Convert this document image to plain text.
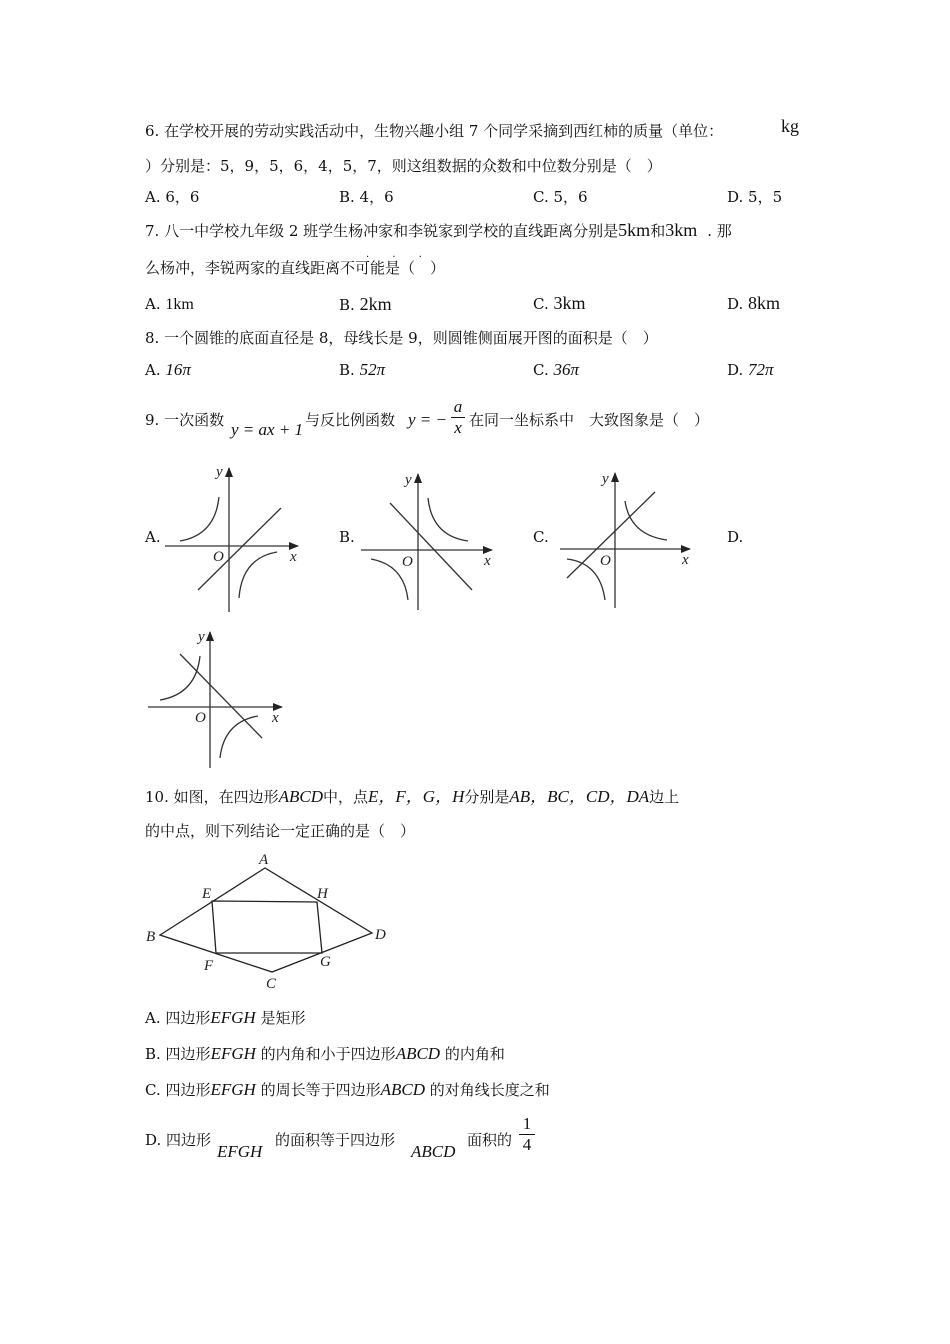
6. 在学校开展的劳动实践活动中，生物兴趣小组 7 个同学采摘到西红柿的质量（单位：	kg
）分别是：5，9，5，6，4，5，7，则这组数据的众数和中位数分别是（　）
A. 6，6	B. 4，6	C. 5，6	D. 5，5
7. 八一中学校九年级 2 班学生杨冲家和李锐家到学校的直线距离分别是5km和3km . 那
么杨冲，李锐两家的直线距离不可能是（　）
· · ·
A. 1km	B. 2km	C. 3km	D. 8km
8. 一个圆锥的底面直径是 8，母线长是 9，则圆锥侧面展开图的面积是（　）
A. 16π	B. 52π	C. 36π	D. 72π
9. 一次函数 y = ax + 1 与反比例函数 y = −
a
x 在同一坐标系中　大致图象是（　）
A.	B.	C.	D.
y
x
O
y
x
O
y
x
O
y
x
O
10. 如图，在四边形ABCD中，点E，F，G，H分别是AB，BC，CD，DA边上
的中点，则下列结论一定正确的是（　）
A
B
C
D
E
F	G
H
A. 四边形EFGH 是矩形
B. 四边形EFGH 的内角和小于四边形ABCD 的内角和
C. 四边形EFGH 的周长等于四边形ABCD 的对角线长度之和
D. 四边形
EFGH
的面积等于四边形
ABCD
面积的
1
4
